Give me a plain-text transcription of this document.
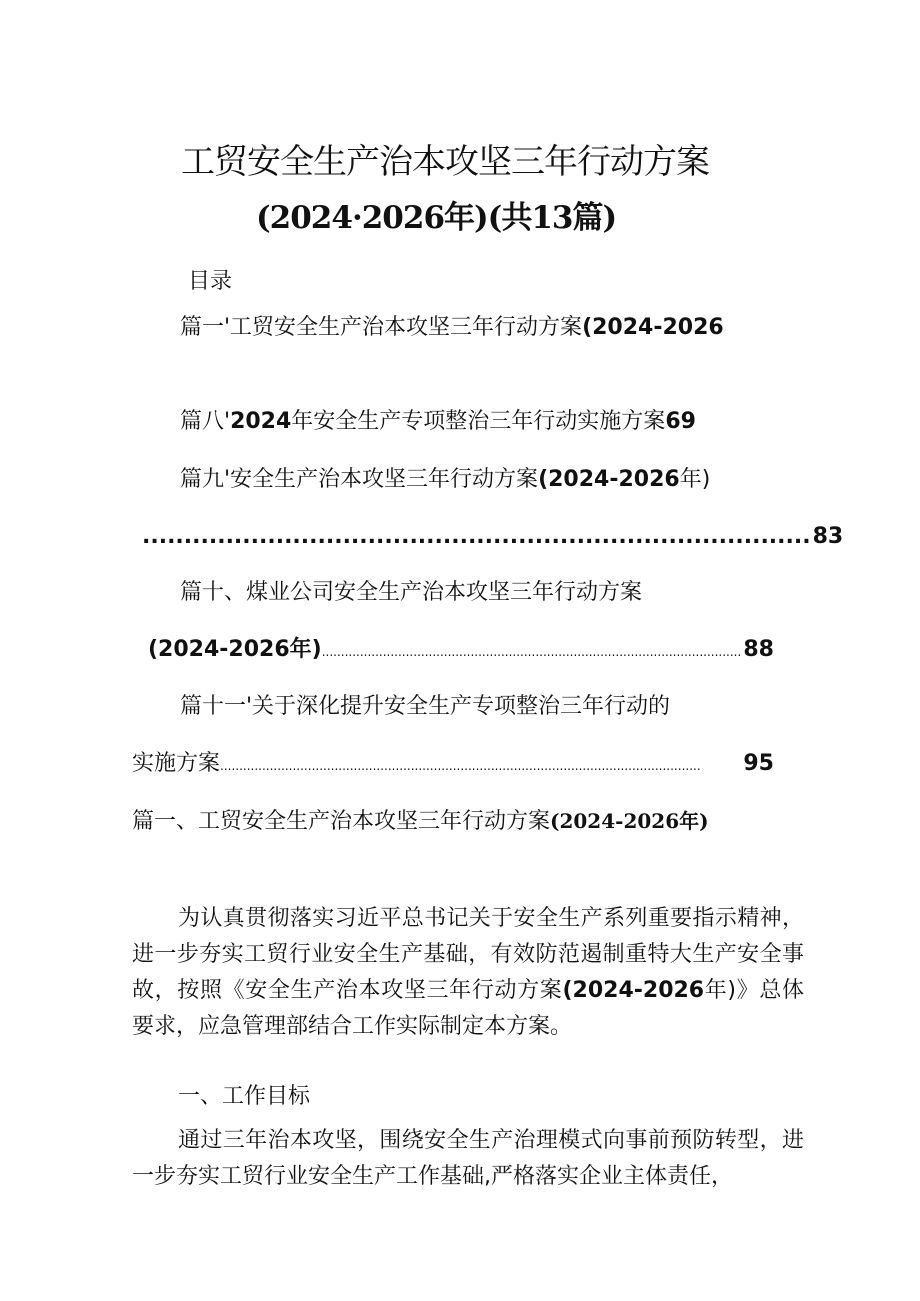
工贸安全生产治本攻坚三年行动方案
(2024·2026年)(共13篇)
目录
篇一'工贸安全生产治本攻坚三年行动方案(2024-2026
篇八'2024年安全生产专项整治三年行动实施方案69
篇九'安全生产治本攻坚三年行动方案(2024-2026年)
................................................................................ 83
篇十、煤业公司安全生产治本攻坚三年行动方案
(2024-2026年) .............................................................................................................. 88
篇十一'关于深化提升安全生产专项整治三年行动的
实施方案 ..............................................................................................................................	95
篇一、工贸安全生产治本攻坚三年行动方案(2024-2026年)
为认真贯彻落实习近平总书记关于安全生产系列重要指示精神，进一步夯实工贸行业安全生产基础，有效防范遏制重特大生产安全事故，按照《安全生产治本攻坚三年行动方案(2024-2026年)》总体要求，应急管理部结合工作实际制定本方案。
一、工作目标
通过三年治本攻坚，围绕安全生产治理模式向事前预防转型，进一步夯实工贸行业安全生产工作基础,严格落实企业主体责任，
